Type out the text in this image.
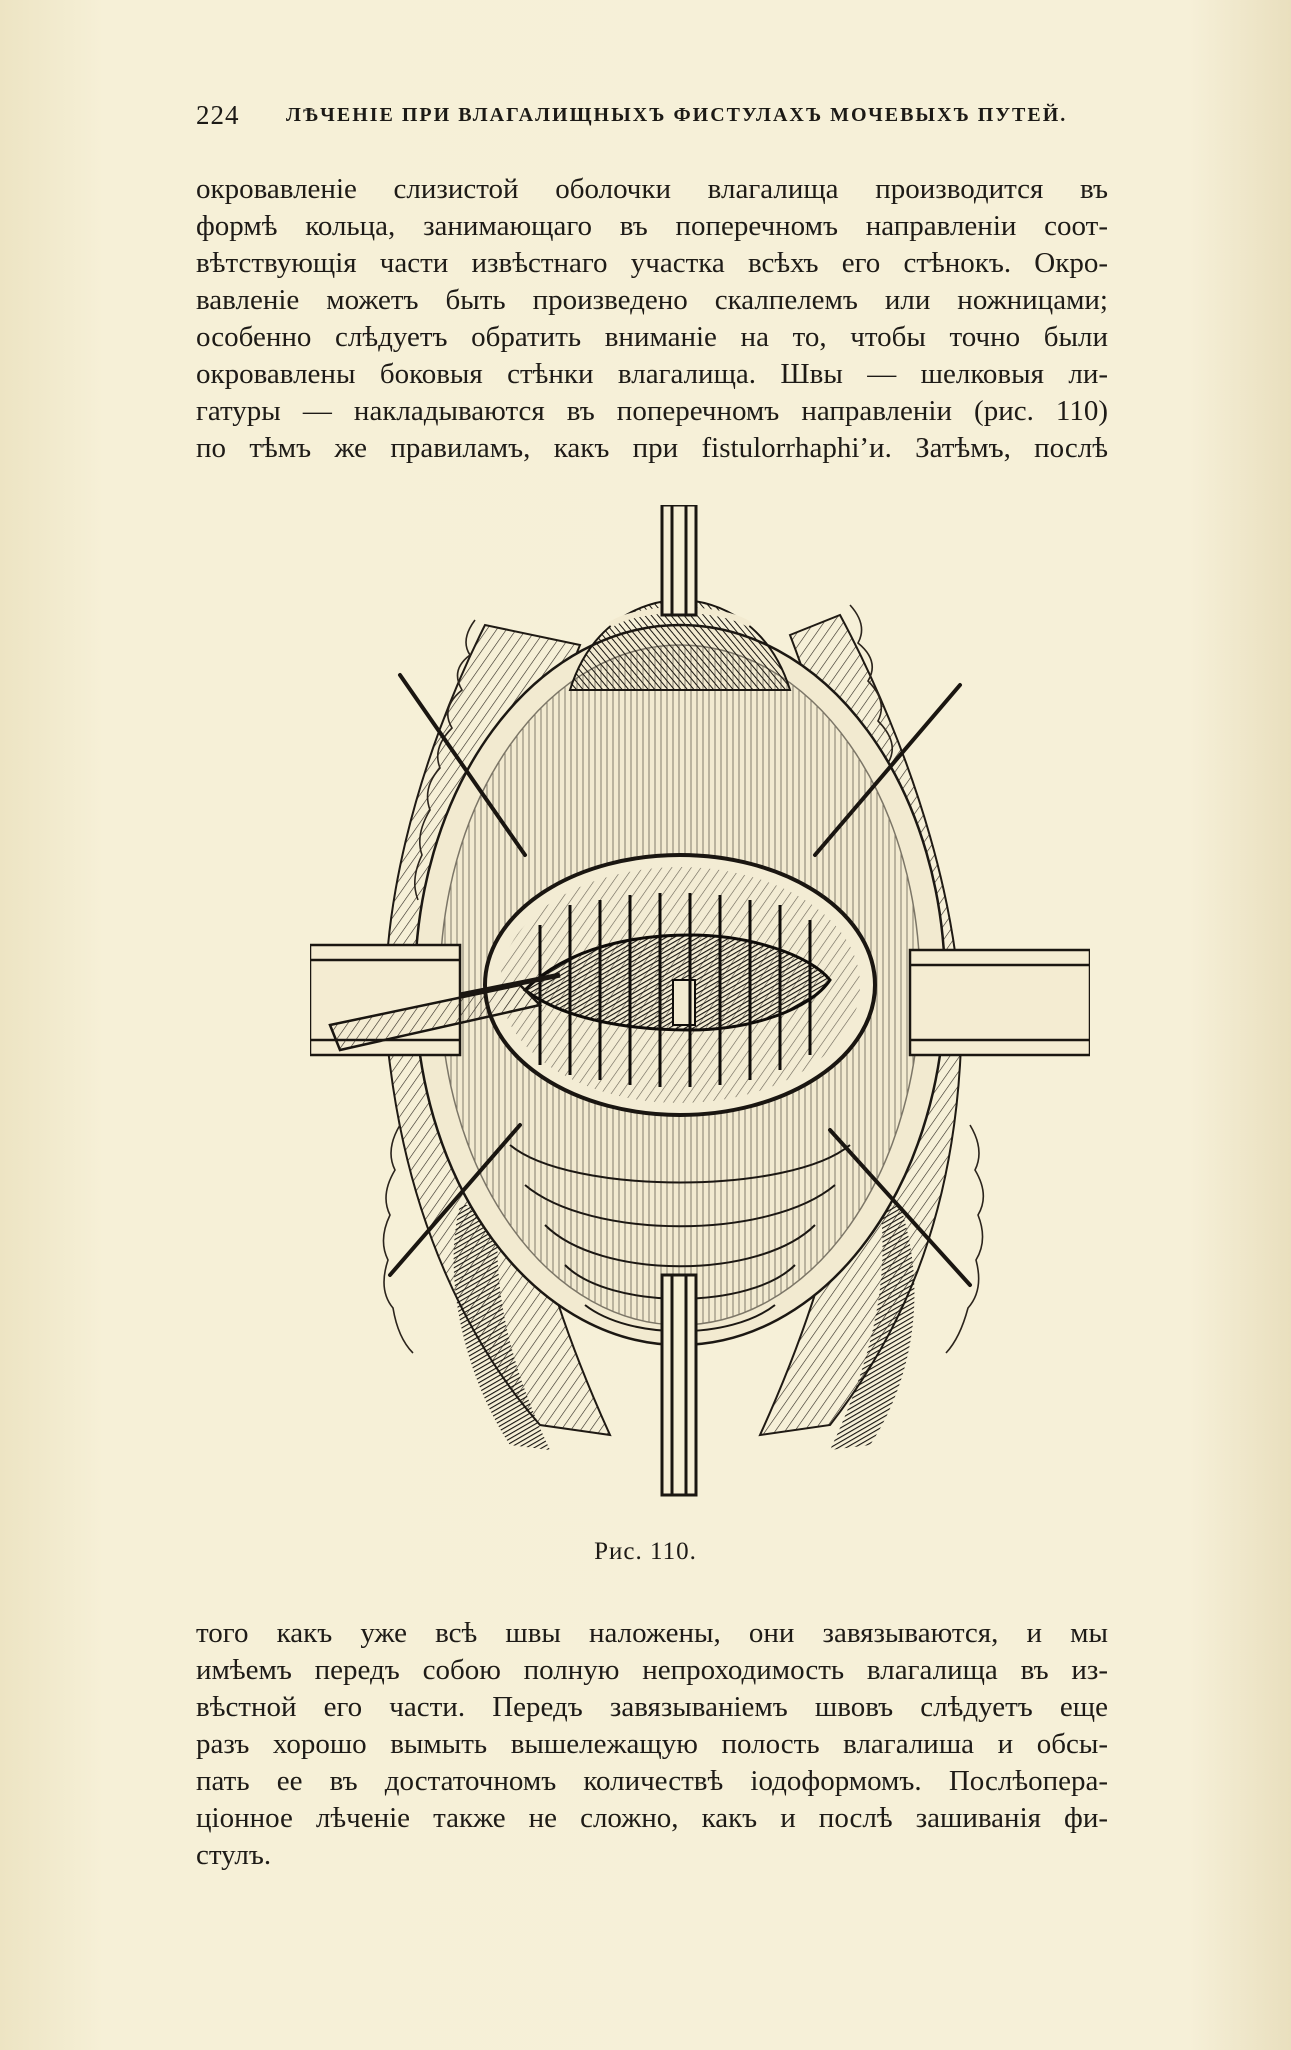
224 ЛѢЧЕНІЕ ПРИ ВЛАГАЛИЩНЫХЪ ФИСТУЛАХЪ МОЧЕВЫХЪ ПУТЕЙ.
окровавленіе слизистой оболочки влагалища производится въ
формѣ кольца, занимающаго въ поперечномъ направленіи соот-
вѣтствующія части извѣстнаго участка всѣхъ его стѣнокъ. Окро-
вавленіе можетъ быть произведено скалпелемъ или ножницами;
особенно слѣдуетъ обратить вниманіе на то, чтобы точно были
окровавлены боковыя стѣнки влагалища. Швы — шелковыя ли-
гатуры — накладываются въ поперечномъ направленіи (рис. 110)
по тѣмъ же правиламъ, какъ при fistulorrhaphi’и. Затѣмъ, послѣ
Рис. 110.
того какъ уже всѣ швы наложены, они завязываются, и мы
имѣемъ передъ собою полную непроходимость влагалища въ из-
вѣстной его части. Передъ завязываніемъ швовъ слѣдуетъ еще
разъ хорошо вымыть вышележащую полость влагалиша и обсы-
пать ее въ достаточномъ количествѣ іодоформомъ. Послѣопера-
ціонное лѣченіе также не сложно, какъ и послѣ зашиванія фи-
стулъ.
